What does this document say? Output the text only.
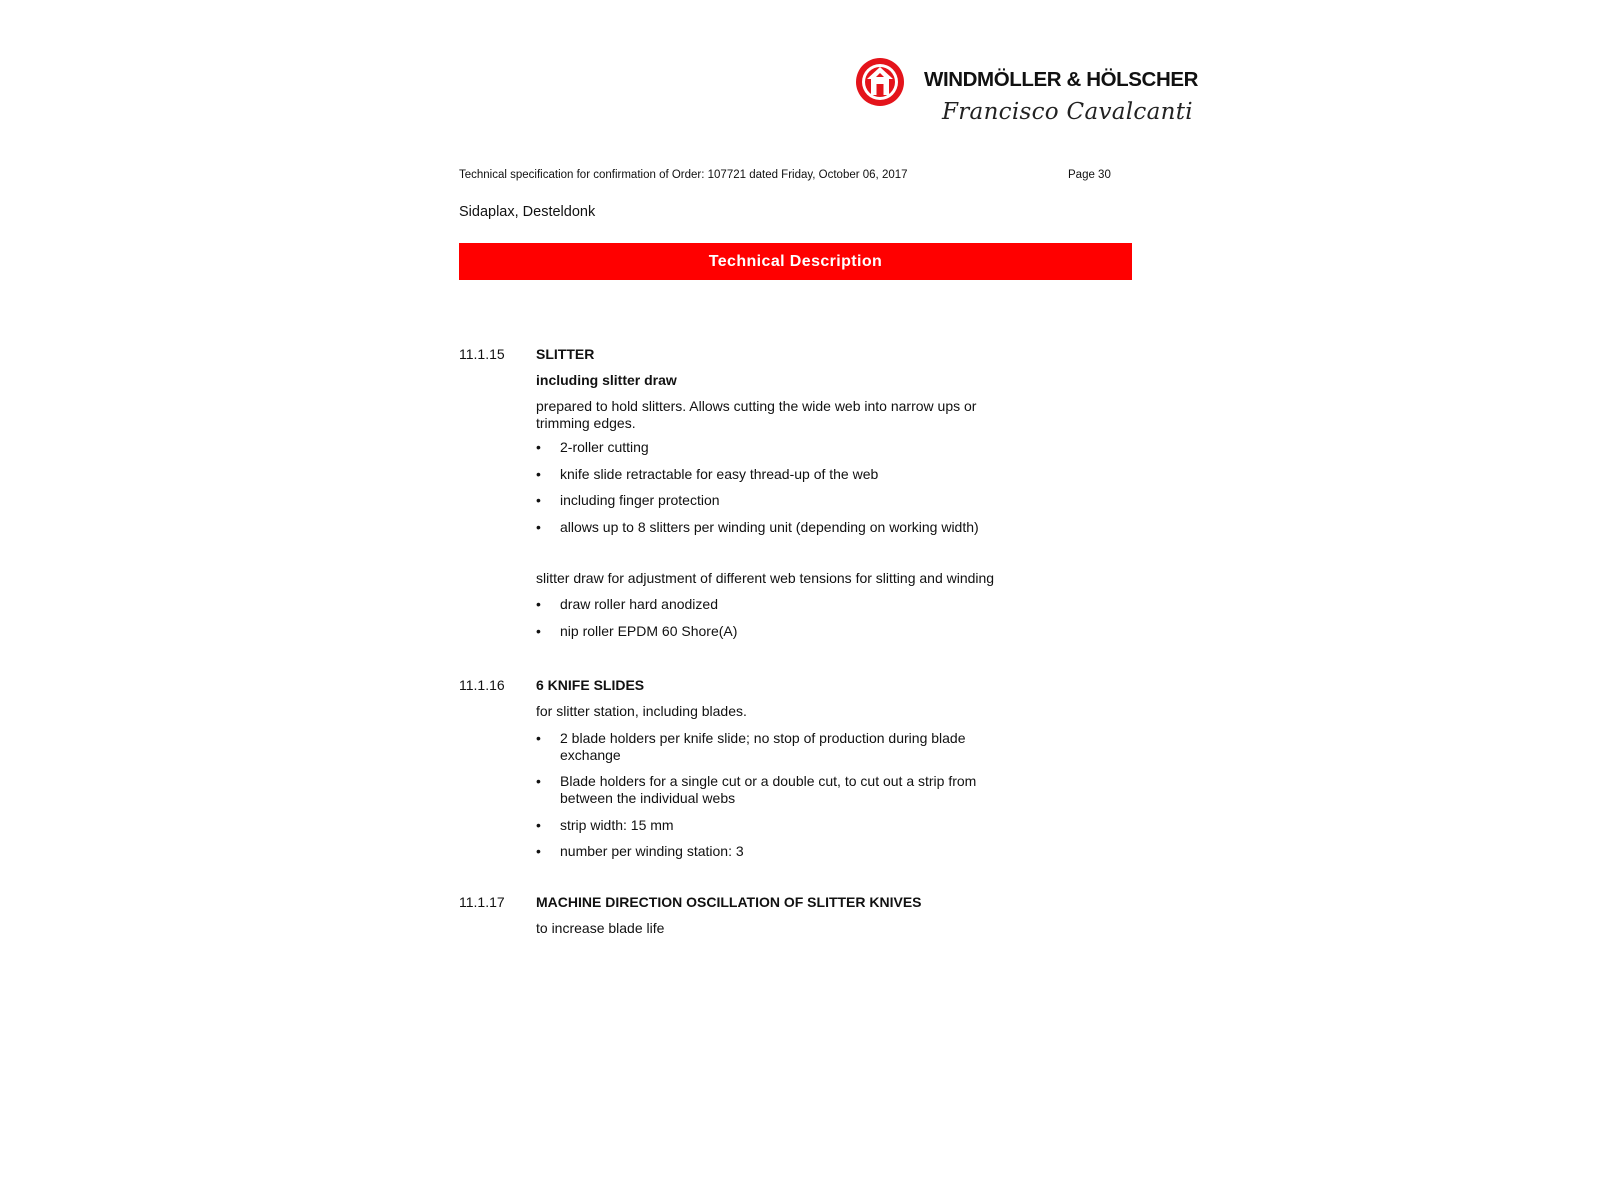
WINDMÖLLER & HÖLSCHER
Francisco Cavalcanti
Technical specification for confirmation of Order: 107721 dated Friday, October 06, 2017	Page 30
Sidaplax, Desteldonk
Technical Description
11.1.15 SLITTER
including slitter draw
prepared to hold slitters. Allows cutting the wide web into narrow ups or trimming edges.
•	2-roller cutting
•	knife slide retractable for easy thread-up of the web
•	including finger protection
•	allows up to 8 slitters per winding unit (depending on working width)
slitter draw for adjustment of different web tensions for slitting and winding
•	draw roller hard anodized
•	nip roller EPDM 60 Shore(A)
11.1.16 6 KNIFE SLIDES
for slitter station, including blades.
•	2 blade holders per knife slide; no stop of production during blade exchange
•	Blade holders for a single cut or a double cut, to cut out a strip from between the individual webs
•	strip width: 15 mm
•	number per winding station: 3
11.1.17 MACHINE DIRECTION OSCILLATION OF SLITTER KNIVES
to increase blade life
